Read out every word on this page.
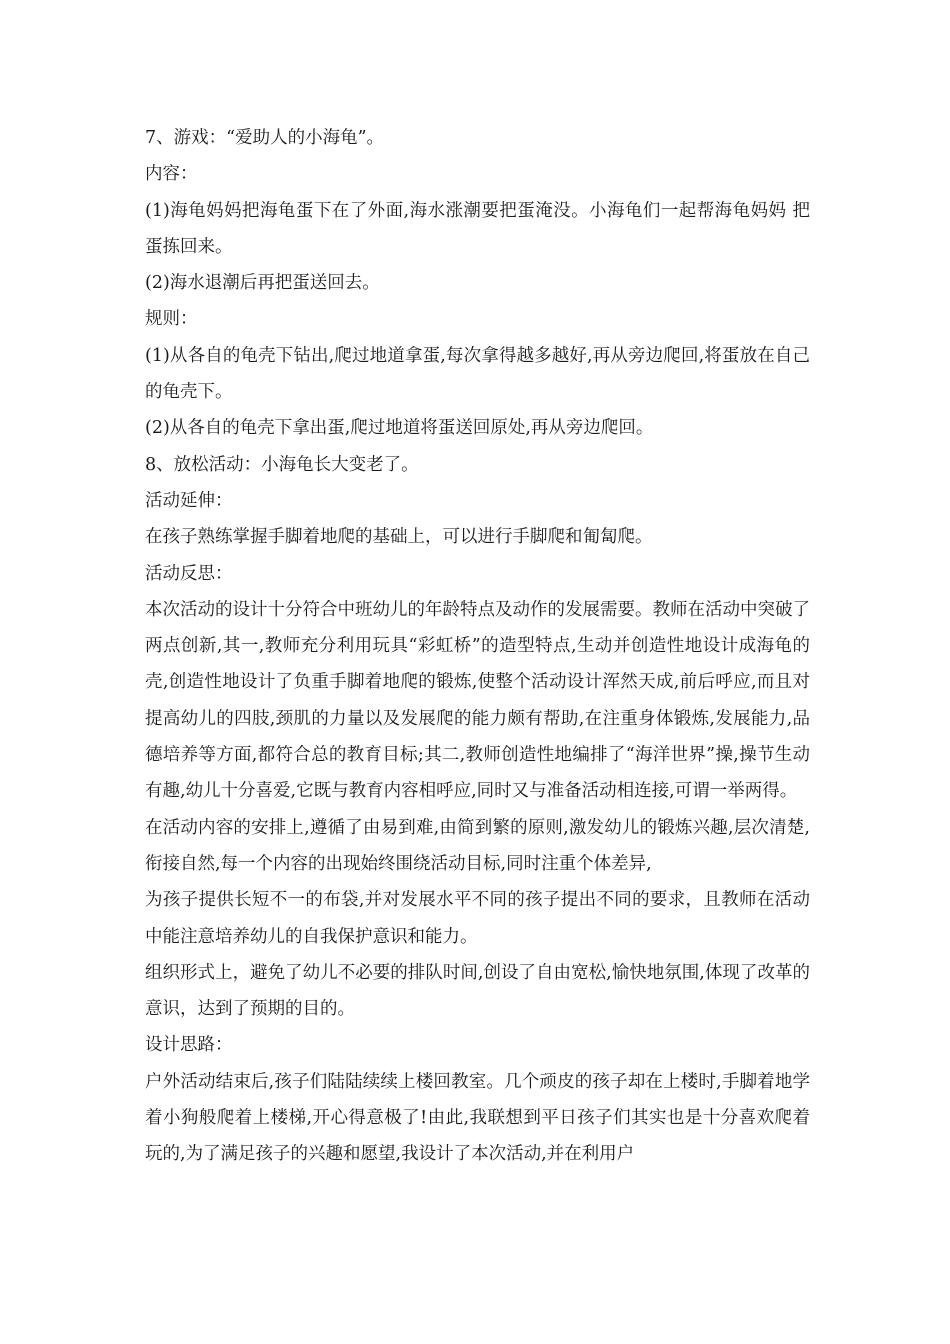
7、游戏：“爱助人的小海龟”。

内容：

(1)海龟妈妈把海龟蛋下在了外面,海水涨潮要把蛋淹没。小海龟们一起帮海龟妈妈 把蛋拣回来。

(2)海水退潮后再把蛋送回去。

规则：

(1)从各自的龟壳下钻出,爬过地道拿蛋,每次拿得越多越好,再从旁边爬回,将蛋放在自己的龟壳下。

(2)从各自的龟壳下拿出蛋,爬过地道将蛋送回原处,再从旁边爬回。

8、放松活动：小海龟长大变老了。

活动延伸：

在孩子熟练掌握手脚着地爬的基础上，可以进行手脚爬和匍匐爬。

活动反思：

本次活动的设计十分符合中班幼儿的年龄特点及动作的发展需要。教师在活动中突破了两点创新,其一,教师充分利用玩具“彩虹桥”的造型特点,生动并创造性地设计成海龟的壳,创造性地设计了负重手脚着地爬的锻炼,使整个活动设计浑然天成,前后呼应,而且对提高幼儿的四肢,颈肌的力量以及发展爬的能力颇有帮助,在注重身体锻炼,发展能力,品德培养等方面,都符合总的教育目标;其二,教师创造性地编排了“海洋世界”操,操节生动有趣,幼儿十分喜爱,它既与教育内容相呼应,同时又与准备活动相连接,可谓一举两得。

在活动内容的安排上,遵循了由易到难,由简到繁的原则,激发幼儿的锻炼兴趣,层次清楚,衔接自然,每一个内容的出现始终围绕活动目标,同时注重个体差异,

为孩子提供长短不一的布袋,并对发展水平不同的孩子提出不同的要求，且教师在活动中能注意培养幼儿的自我保护意识和能力。

组织形式上，避免了幼儿不必要的排队时间,创设了自由宽松,愉快地氛围,体现了改革的意识，达到了预期的目的。

设计思路：

户外活动结束后,孩子们陆陆续续上楼回教室。几个顽皮的孩子却在上楼时,手脚着地学着小狗般爬着上楼梯,开心得意极了!由此,我联想到平日孩子们其实也是十分喜欢爬着玩的,为了满足孩子的兴趣和愿望,我设计了本次活动,并在利用户
